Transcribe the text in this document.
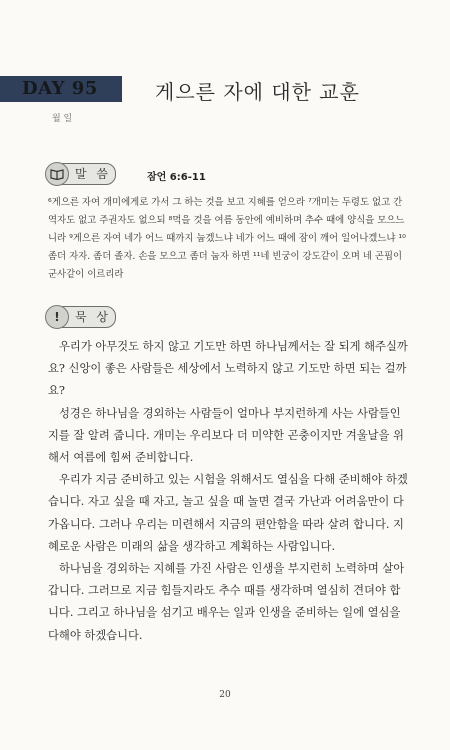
DAY 95	게으른 자에 대한 교훈
월 일
말 씀	잠언 6:6-11
⁶게으른 자여 개미에게로 가서 그 하는 것을 보고 지혜를 얻으라 ⁷개미는 두령도 없고 간역자도 없고 주권자도 없으되 ⁸먹을 것을 여름 동안에 예비하며 추수 때에 양식을 모으느니라 ⁹게으른 자여 네가 어느 때까지 눕겠느냐 네가 어느 때에 잠이 깨어 일어나겠느냐 ¹⁰좀더 자자. 좀더 졸자. 손을 모으고 좀더 눕자 하면 ¹¹네 빈궁이 강도같이 오며 네 곤핍이 군사같이 이르리라
!	묵 상

우리가 아무것도 하지 않고 기도만 하면 하나님께서는 잘 되게 해주실까요? 신앙이 좋은 사람들은 세상에서 노력하지 않고 기도만 하면 되는 걸까요?

성경은 하나님을 경외하는 사람들이 얼마나 부지런하게 사는 사람들인지를 잘 알려 줍니다. 개미는 우리보다 더 미약한 곤충이지만 겨울날을 위해서 여름에 힘써 준비합니다.

우리가 지금 준비하고 있는 시험을 위해서도 열심을 다해 준비해야 하겠습니다. 자고 싶을 때 자고, 놀고 싶을 때 놀면 결국 가난과 어려움만이 다가옵니다. 그러나 우리는 미련해서 지금의 편안함을 따라 살려 합니다. 지혜로운 사람은 미래의 삶을 생각하고 계획하는 사람입니다.

하나님을 경외하는 지혜를 가진 사람은 인생을 부지런히 노력하며 살아갑니다. 그러므로 지금 힘들지라도 추수 때를 생각하며 열심히 견뎌야 합니다. 그리고 하나님을 섬기고 배우는 일과 인생을 준비하는 일에 열심을 다해야 하겠습니다.

20
